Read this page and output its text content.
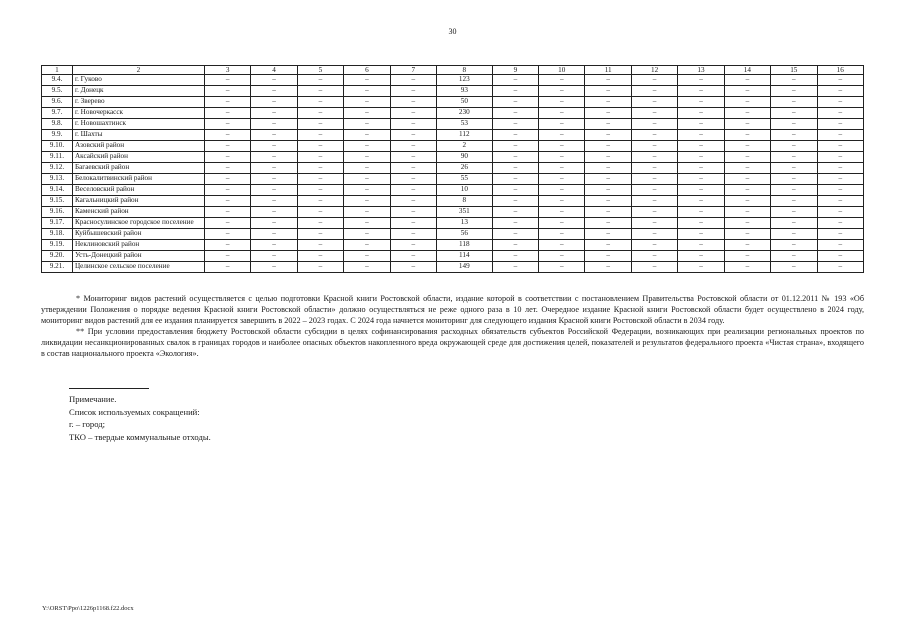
30
1	2	3	4	5	6	7	8	9	10	11	12	13	14	15	16
9.4.	г. Гуково	–	–	–	–	–	123	–	–	–	–	–	–	–	–
9.5.	г. Донецк	–	–	–	–	–	93	–	–	–	–	–	–	–	–
9.6.	г. Зверево	–	–	–	–	–	50	–	–	–	–	–	–	–	–
9.7.	г. Новочеркасск	–	–	–	–	–	230	–	–	–	–	–	–	–	–
9.8.	г. Новошахтинск	–	–	–	–	–	53	–	–	–	–	–	–	–	–
9.9.	г. Шахты	–	–	–	–	–	112	–	–	–	–	–	–	–	–
9.10.	Азовский район	–	–	–	–	–	2	–	–	–	–	–	–	–	–
9.11.	Аксайский район	–	–	–	–	–	90	–	–	–	–	–	–	–	–
9.12.	Багаевский район	–	–	–	–	–	26	–	–	–	–	–	–	–	–
9.13.	Белокалитвинский район	–	–	–	–	–	55	–	–	–	–	–	–	–	–
9.14.	Веселовский район	–	–	–	–	–	10	–	–	–	–	–	–	–	–
9.15.	Кагальницкий район	–	–	–	–	–	8	–	–	–	–	–	–	–	–
9.16.	Каменский район	–	–	–	–	–	351	–	–	–	–	–	–	–	–
9.17.	Красносулинское городское поселение	–	–	–	–	–	13	–	–	–	–	–	–	–	–
9.18.	Куйбышевский район	–	–	–	–	–	56	–	–	–	–	–	–	–	–
9.19.	Неклиновский район	–	–	–	–	–	118	–	–	–	–	–	–	–	–
9.20.	Усть-Донецкий район	–	–	–	–	–	114	–	–	–	–	–	–	–	–
9.21.	Целинское сельское поселение	–	–	–	–	–	149	–	–	–	–	–	–	–	–

* Мониторинг видов растений осуществляется с целью подготовки Красной книги Ростовской области, издание которой в соответствии с постановлением Правительства Ростовской области от 01.12.2011 № 193 «Об утверждении Положения о порядке ведения Красной книги Ростовской области» должно осуществляться не реже одного раза в 10 лет. Очередное издание Красной книги Ростовской области будет осуществлено в 2024 году, мониторинг видов растений для ее издания планируется завершить в 2022 – 2023 годах. С 2024 года начнется мониторинг для следующего издания Красной книги Ростовской области в 2034 году.

** При условии предоставления бюджету Ростовской области субсидии в целях софинансирования расходных обязательств субъектов Российской Федерации, возникающих при реализации региональных проектов по ликвидации несанкционированных свалок в границах городов и наиболее опасных объектов накопленного вреда окружающей среде для достижения целей, показателей и результатов федерального проекта «Чистая страна», входящего в состав национального проекта «Экология».

Примечание.
Список используемых сокращений:
г. – город;
ТКО – твердые коммунальные отходы.
Y:\ORST\Ppo\1226p1168.f22.docx
